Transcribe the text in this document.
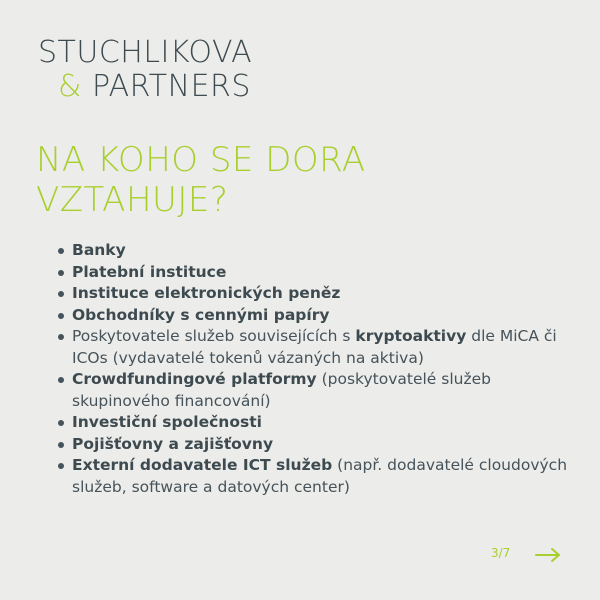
STUCHLIKOVA
& PARTNERS
NA KOHO SE DORA
VZTAHUJE?
Banky
Platební instituce
Instituce elektronických peněz
Obchodníky s cennými papíry
Poskytovatele služeb souvisejících s kryptoaktivy dle MiCA či ICOs (vydavatelé tokenů vázaných na aktiva)
Crowdfundingové platformy (poskytovatelé služeb skupinového financování)
Investiční společnosti
Pojišťovny a zajišťovny
Externí dodavatele ICT služeb (např. dodavatelé cloudových služeb, software a datových center)
3/7
